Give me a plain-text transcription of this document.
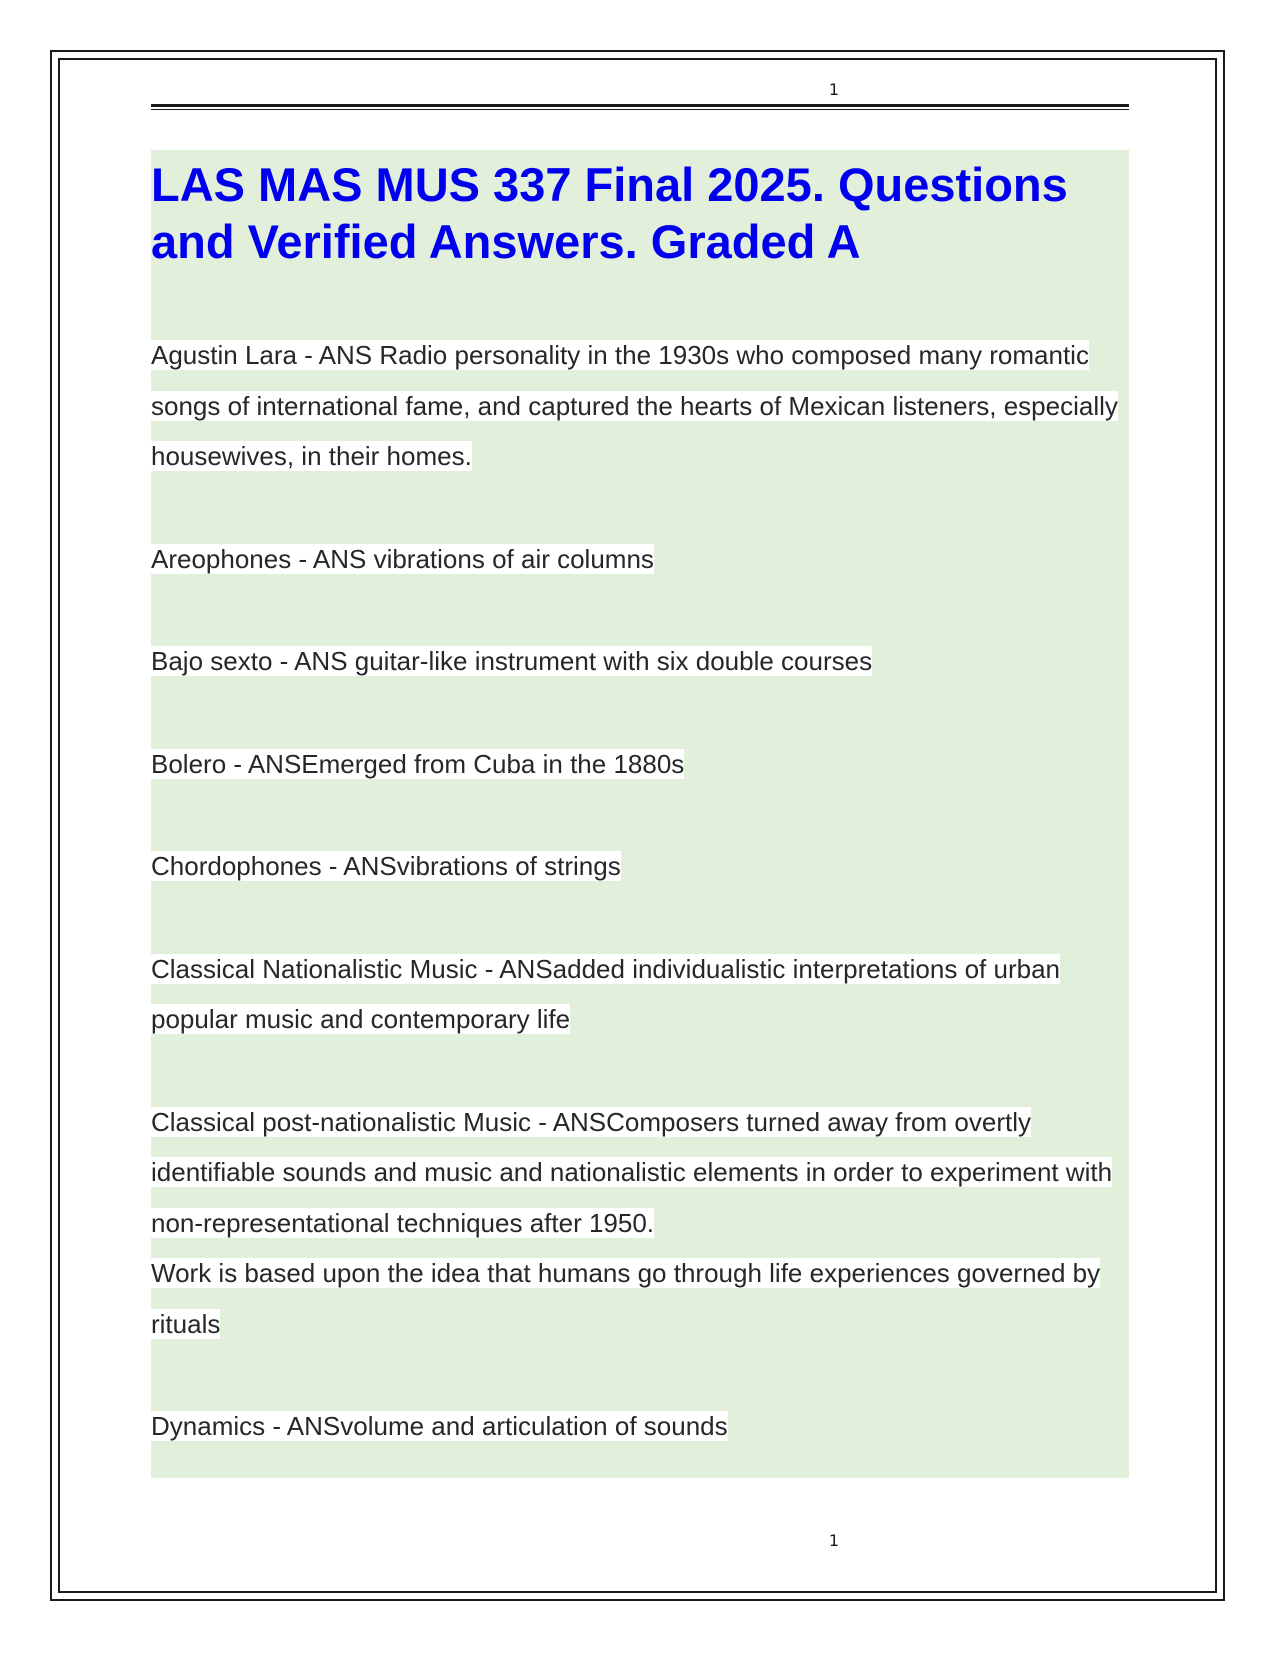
1
LAS MAS MUS 337 Final 2025. Questions and Verified Answers. Graded A

Agustin Lara - ANS Radio personality in the 1930s who composed many romantic songs of international fame, and captured the hearts of Mexican listeners, especially housewives, in their homes.

Areophones - ANS vibrations of air columns

Bajo sexto - ANS guitar-like instrument with six double courses

Bolero - ANSEmerged from Cuba in the 1880s

Chordophones - ANSvibrations of strings

Classical Nationalistic Music - ANSadded individualistic interpretations of urban popular music and contemporary life

Classical post-nationalistic Music - ANSComposers turned away from overtly identifiable sounds and music and nationalistic elements in order to experiment with non-representational techniques after 1950.
Work is based upon the idea that humans go through life experiences governed by rituals

Dynamics - ANSvolume and articulation of sounds

1
